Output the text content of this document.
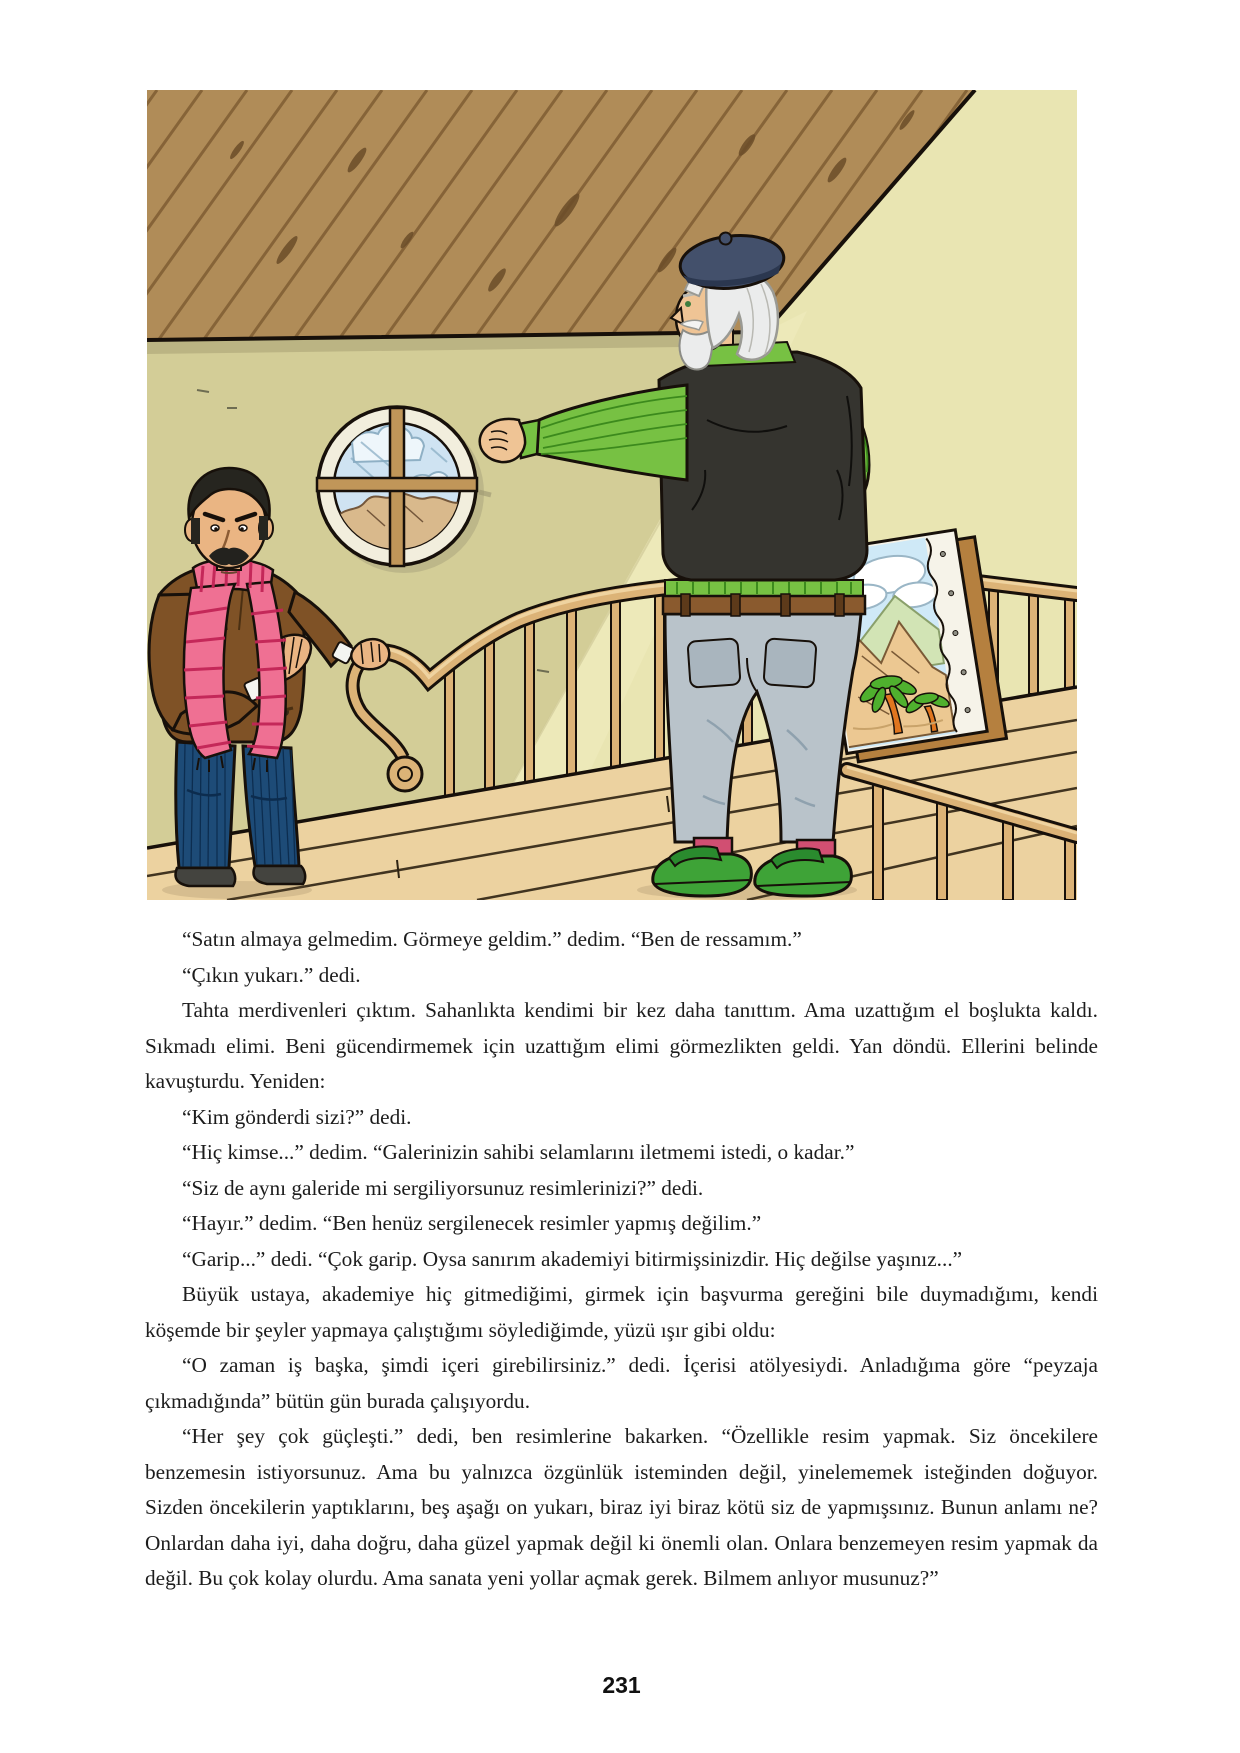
“Satın almaya gelmedim. Görmeye geldim.” dedim. “Ben de ressamım.”

“Çıkın yukarı.” dedi.

Tahta merdivenleri çıktım. Sahanlıkta kendimi bir kez daha tanıttım. Ama uzattığım el boşlukta kaldı. Sıkmadı elimi. Beni gücendirmemek için uzattığım elimi görmezlikten geldi. Yan döndü. Ellerini belinde kavuşturdu. Yeniden:

“Kim gönderdi sizi?” dedi.

“Hiç kimse...” dedim. “Galerinizin sahibi selamlarını iletmemi istedi, o kadar.”

“Siz de aynı galeride mi sergiliyorsunuz resimlerinizi?” dedi.

“Hayır.” dedim. “Ben henüz sergilenecek resimler yapmış değilim.”

“Garip...” dedi. “Çok garip. Oysa sanırım akademiyi bitirmişsinizdir. Hiç değilse yaşınız...”

Büyük ustaya, akademiye hiç gitmediğimi, girmek için başvurma gereğini bile duymadığımı, kendi köşemde bir şeyler yapmaya çalıştığımı söylediğimde, yüzü ışır gibi oldu:

“O zaman iş başka, şimdi içeri girebilirsiniz.” dedi. İçerisi atölyesiydi. Anladığıma göre “peyzaja çıkmadığında” bütün gün burada çalışıyordu.

“Her şey çok güçleşti.” dedi, ben resimlerine bakarken. “Özellikle resim yapmak. Siz öncekilere benzemesin istiyorsunuz. Ama bu yalnızca özgünlük isteminden değil, yinelememek isteğinden doğuyor. Sizden öncekilerin yaptıklarını, beş aşağı on yukarı, biraz iyi biraz kötü siz de yapmışsınız. Bunun anlamı ne? Onlardan daha iyi, daha doğru, daha güzel yapmak değil ki önemli olan. Onlara benzemeyen resim yapmak da değil. Bu çok kolay olurdu. Ama sanata yeni yollar açmak gerek. Bilmem anlıyor musunuz?”

231
